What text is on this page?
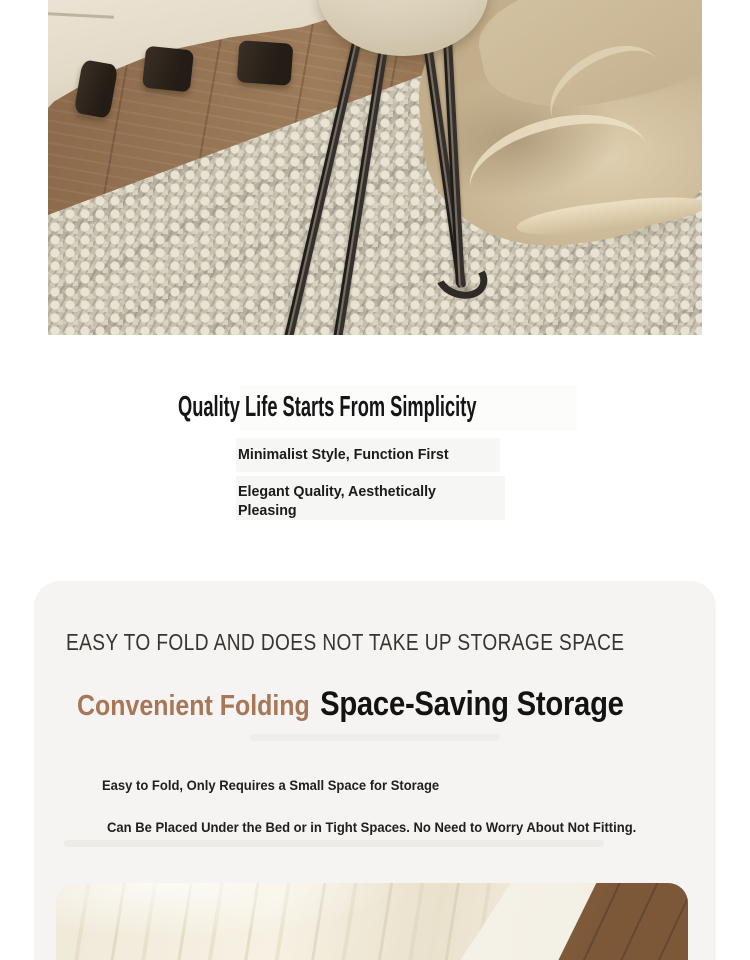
Quality Life Starts From Simplicity
Minimalist Style, Function First
Elegant Quality, Aesthetically Pleasing
EASY TO FOLD AND DOES NOT TAKE UP STORAGE SPACE
Convenient Folding Space-Saving Storage
Easy to Fold, Only Requires a Small Space for Storage
Can Be Placed Under the Bed or in Tight Spaces. No Need to Worry About Not Fitting.
